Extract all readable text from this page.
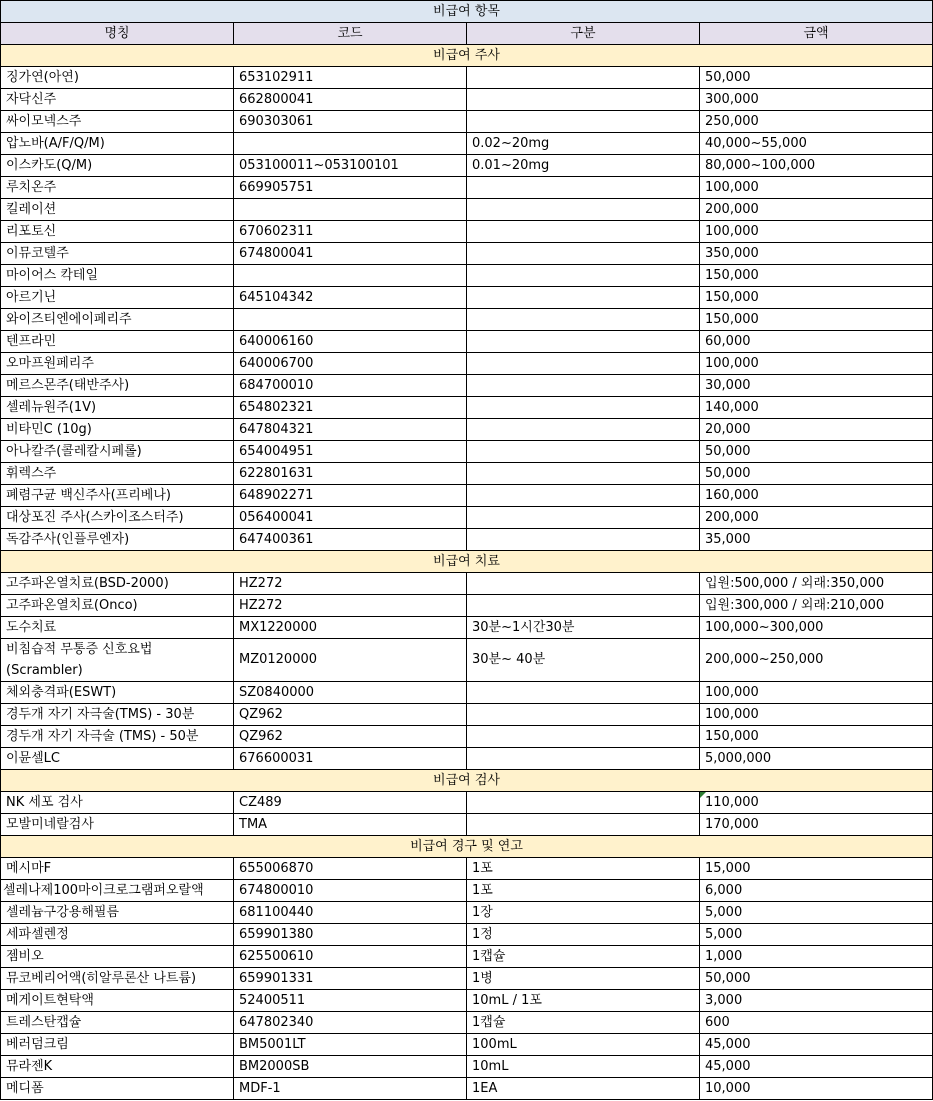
비급여 항목			
명칭	코드	구분	금액
비급여 주사			
징가연(아연)	653102911		50,000
자닥신주	662800041		300,000
싸이모넥스주	690303061		250,000
압노바(A/F/Q/M)		0.02~20mg	40,000~55,000
이스카도(Q/M)	053100011~053100101	0.01~20mg	80,000~100,000
루치온주	669905751		100,000
킬레이션			200,000
리포토신	670602311		100,000
이뮤코텔주	674800041		350,000
마이어스 칵테일			150,000
아르기닌	645104342		150,000
와이즈티엔에이페리주			150,000
텐프라민	640006160		60,000
오마프원페리주	640006700		100,000
메르스몬주(태반주사)	684700010		30,000
셀레뉴원주(1V)	654802321		140,000
비타민C (10g)	647804321		20,000
아나칼주(콜레칼시페롤)	654004951		50,000
휘렉스주	622801631		50,000
폐렴구균 백신주사(프리베나)	648902271		160,000
대상포진 주사(스카이조스터주)	056400041		200,000
독감주사(인플루엔자)	647400361		35,000
비급여 치료			
고주파온열치료(BSD-2000)	HZ272		입원:500,000 / 외래:350,000
고주파온열치료(Onco)	HZ272		입원:300,000 / 외래:210,000
도수치료	MX1220000	30분~1시간30분	100,000~300,000
비침습적 무통증 신호요법 (Scrambler)	MZ0120000	30분~ 40분	200,000~250,000
체외충격파(ESWT)	SZ0840000		100,000
경두개 자기 자극술(TMS) - 30분	QZ962		100,000
경두개 자기 자극술 (TMS) - 50분	QZ962		150,000
이뮨셀LC	676600031		5,000,000
비급여 검사			
NK 세포 검사	CZ489		110,000
모발미네랄검사	TMA		170,000
비급여 경구 및 연고			
메시마F	655006870	1포	15,000
셀레나제100마이크로그램퍼오랄액	674800010	1포	6,000
셀레늄구강용해필름	681100440	1장	5,000
세파셀렌정	659901380	1정	5,000
젬비오	625500610	1캡슐	1,000
뮤코베리어액(히알루론산 나트륨)	659901331	1병	50,000
메게이트현탁액	52400511	10mL / 1포	3,000
트레스탄캡슐	647802340	1캡슐	600
베러덤크림	BM5001LT	100mL	45,000
뮤라젠K	BM2000SB	10mL	45,000
메디폼	MDF-1	1EA	10,000
